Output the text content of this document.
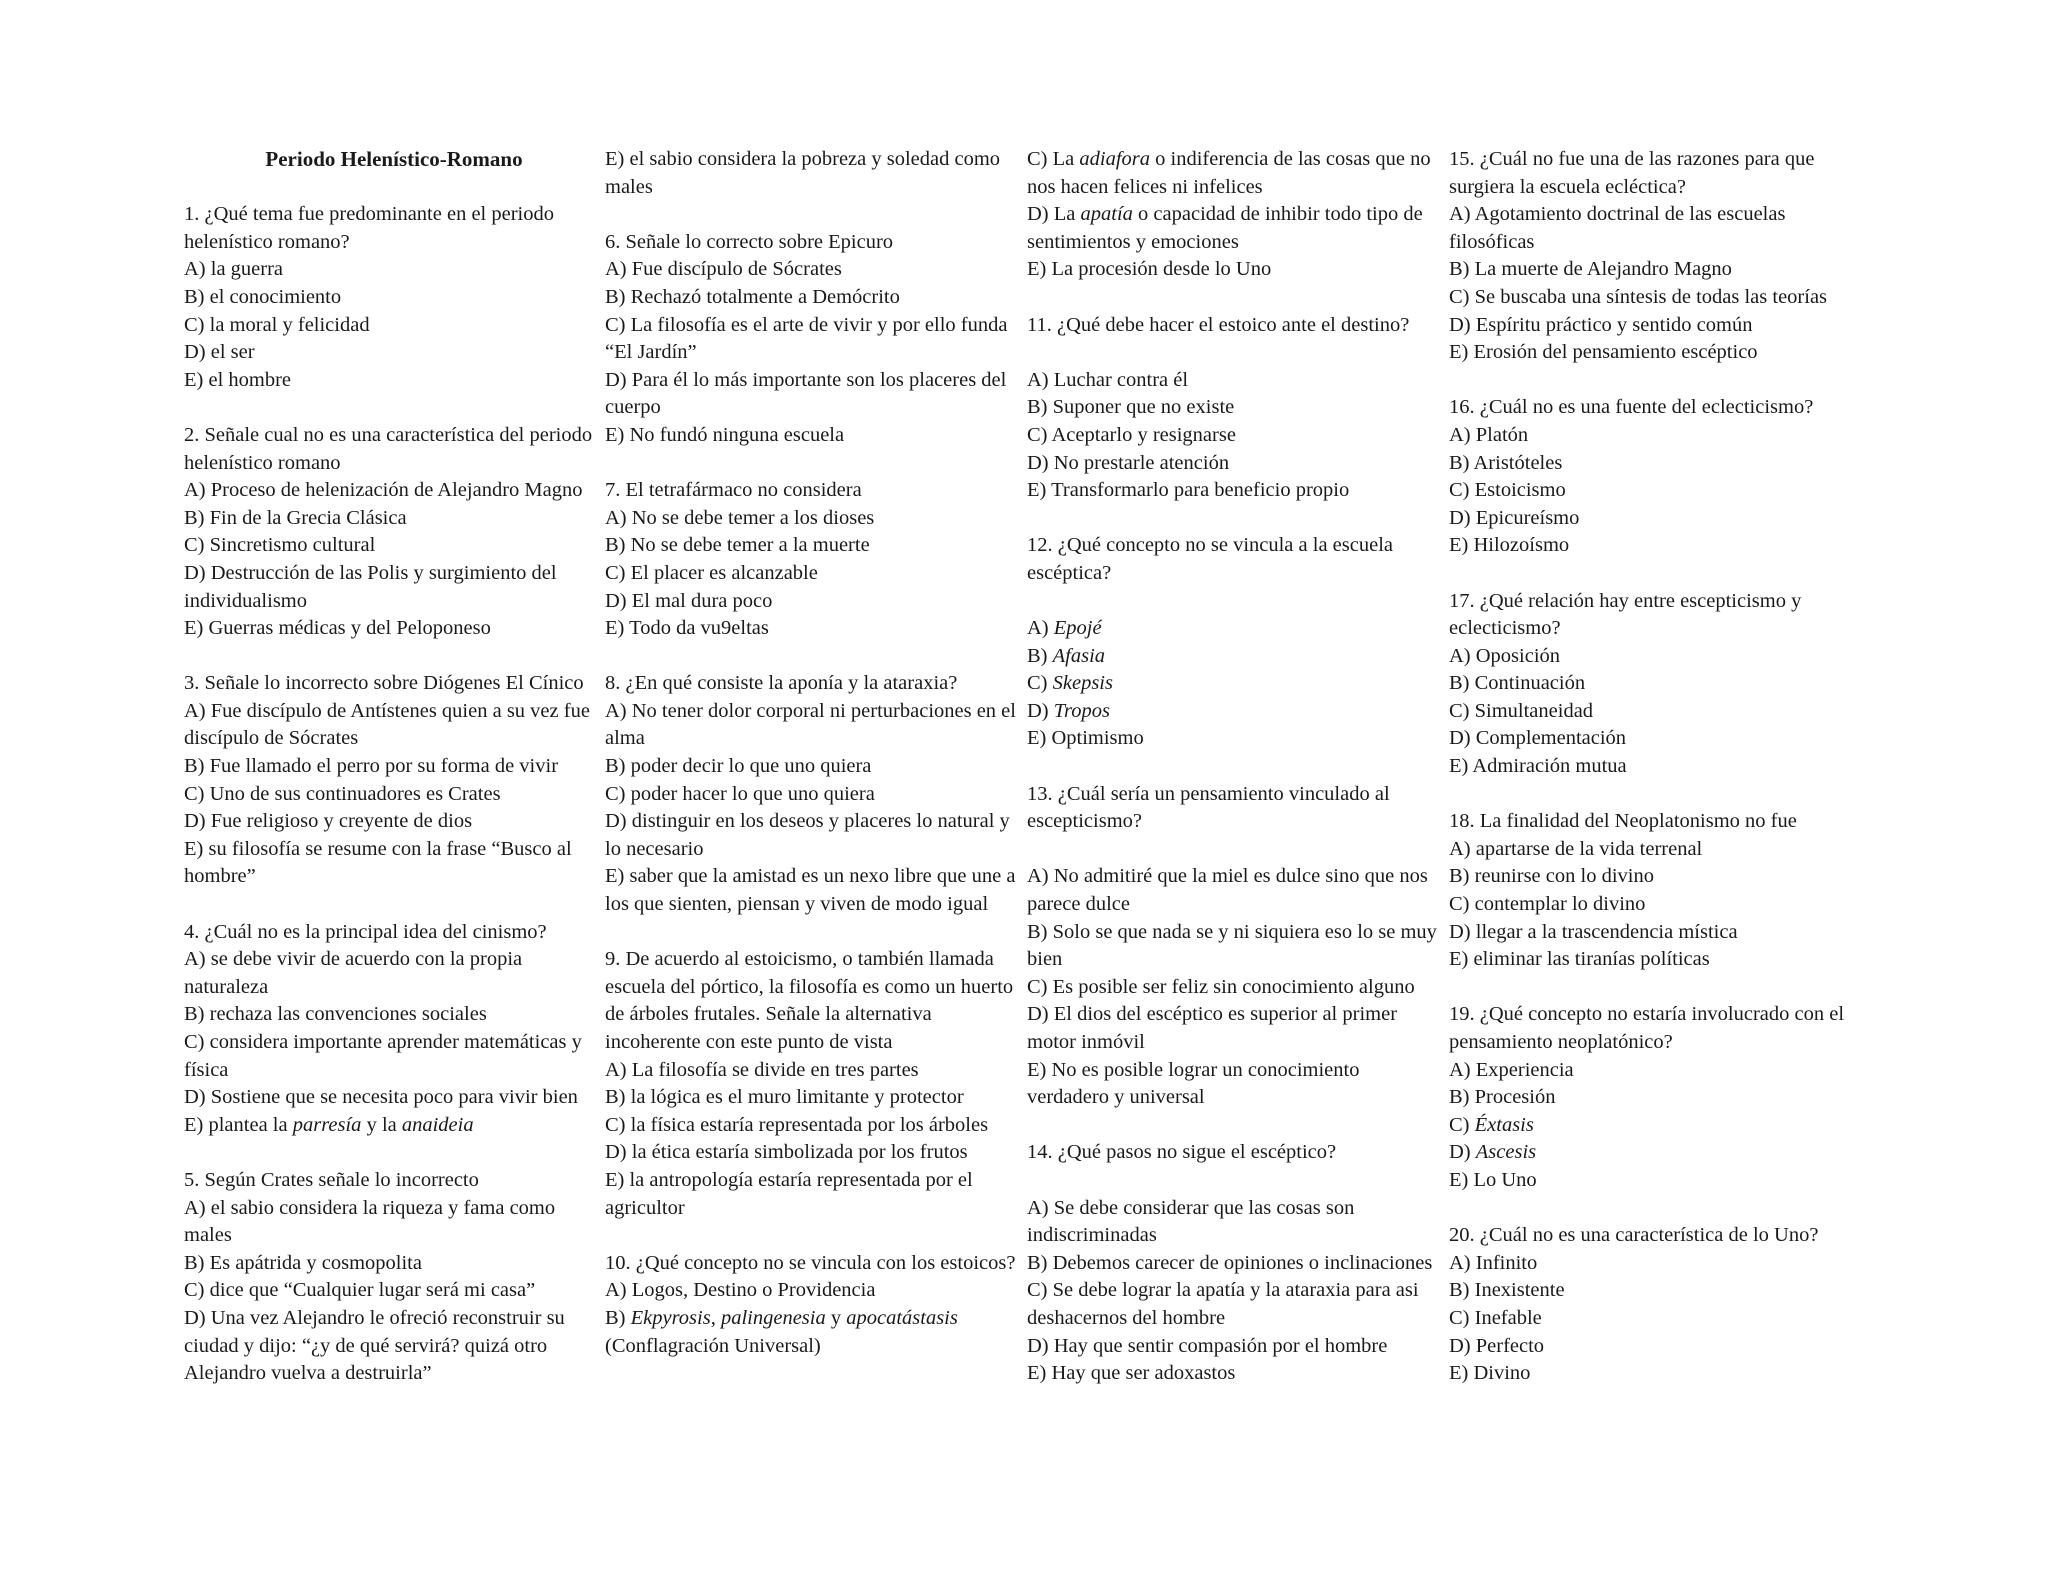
Periodo Helenístico-Romano
1. ¿Qué tema fue predominante en el periodo
helenístico romano?
A) la guerra
B) el conocimiento
C) la moral y felicidad
D) el ser
E) el hombre
2. Señale cual no es una característica del periodo
helenístico romano
A) Proceso de helenización de Alejandro Magno
B) Fin de la Grecia Clásica
C) Sincretismo cultural
D) Destrucción de las Polis y surgimiento del
individualismo
E) Guerras médicas y del Peloponeso
3. Señale lo incorrecto sobre Diógenes El Cínico
A) Fue discípulo de Antístenes quien a su vez fue
discípulo de Sócrates
B) Fue llamado el perro por su forma de vivir
C) Uno de sus continuadores es Crates
D) Fue religioso y creyente de dios
E) su filosofía se resume con la frase “Busco al
hombre”
4. ¿Cuál no es la principal idea del cinismo?
A) se debe vivir de acuerdo con la propia
naturaleza
B) rechaza las convenciones sociales
C) considera importante aprender matemáticas y
física
D) Sostiene que se necesita poco para vivir bien
E) plantea la parresía y la anaideia
5. Según Crates señale lo incorrecto
A) el sabio considera la riqueza y fama como
males
B) Es apátrida y cosmopolita
C) dice que “Cualquier lugar será mi casa”
D) Una vez Alejandro le ofreció reconstruir su
ciudad y dijo: “¿y de qué servirá? quizá otro
Alejandro vuelva a destruirla”
E) el sabio considera la pobreza y soledad como
males
6. Señale lo correcto sobre Epicuro
A) Fue discípulo de Sócrates
B) Rechazó totalmente a Demócrito
C) La filosofía es el arte de vivir y por ello funda
“El Jardín”
D) Para él lo más importante son los placeres del
cuerpo
E) No fundó ninguna escuela
7. El tetrafármaco no considera
A) No se debe temer a los dioses
B) No se debe temer a la muerte
C) El placer es alcanzable
D) El mal dura poco
E) Todo da vu9eltas
8. ¿En qué consiste la aponía y la ataraxia?
A) No tener dolor corporal ni perturbaciones en el
alma
B) poder decir lo que uno quiera
C) poder hacer lo que uno quiera
D) distinguir en los deseos y placeres lo natural y
lo necesario
E) saber que la amistad es un nexo libre que une a
los que sienten, piensan y viven de modo igual
9. De acuerdo al estoicismo, o también llamada
escuela del pórtico, la filosofía es como un huerto
de árboles frutales. Señale la alternativa
incoherente con este punto de vista
A) La filosofía se divide en tres partes
B) la lógica es el muro limitante y protector
C) la física estaría representada por los árboles
D) la ética estaría simbolizada por los frutos
E) la antropología estaría representada por el
agricultor
10. ¿Qué concepto no se vincula con los estoicos?
A) Logos, Destino o Providencia
B) Ekpyrosis, palingenesia y apocatástasis
(Conflagración Universal)
C) La adiafora o indiferencia de las cosas que no
nos hacen felices ni infelices
D) La apatía o capacidad de inhibir todo tipo de
sentimientos y emociones
E) La procesión desde lo Uno
11. ¿Qué debe hacer el estoico ante el destino?
A) Luchar contra él
B) Suponer que no existe
C) Aceptarlo y resignarse
D) No prestarle atención
E) Transformarlo para beneficio propio
12. ¿Qué concepto no se vincula a la escuela
escéptica?
A) Epojé
B) Afasia
C) Skepsis
D) Tropos
E) Optimismo
13. ¿Cuál sería un pensamiento vinculado al
escepticismo?
A) No admitiré que la miel es dulce sino que nos
parece dulce
B) Solo se que nada se y ni siquiera eso lo se muy
bien
C) Es posible ser feliz sin conocimiento alguno
D) El dios del escéptico es superior al primer
motor inmóvil
E) No es posible lograr un conocimiento
verdadero y universal
14. ¿Qué pasos no sigue el escéptico?
A) Se debe considerar que las cosas son
indiscriminadas
B) Debemos carecer de opiniones o inclinaciones
C) Se debe lograr la apatía y la ataraxia para asi
deshacernos del hombre
D) Hay que sentir compasión por el hombre
E) Hay que ser adoxastos
15. ¿Cuál no fue una de las razones para que
surgiera la escuela ecléctica?
A) Agotamiento doctrinal de las escuelas
filosóficas
B) La muerte de Alejandro Magno
C) Se buscaba una síntesis de todas las teorías
D) Espíritu práctico y sentido común
E) Erosión del pensamiento escéptico
16. ¿Cuál no es una fuente del eclecticismo?
A) Platón
B) Aristóteles
C) Estoicismo
D) Epicureísmo
E) Hilozoísmo
17. ¿Qué relación hay entre escepticismo y
eclecticismo?
A) Oposición
B) Continuación
C) Simultaneidad
D) Complementación
E) Admiración mutua
18. La finalidad del Neoplatonismo no fue
A) apartarse de la vida terrenal
B) reunirse con lo divino
C) contemplar lo divino
D) llegar a la trascendencia mística
E) eliminar las tiranías políticas
19. ¿Qué concepto no estaría involucrado con el
pensamiento neoplatónico?
A) Experiencia
B) Procesión
C) Éxtasis
D) Ascesis
E) Lo Uno
20. ¿Cuál no es una característica de lo Uno?
A) Infinito
B) Inexistente
C) Inefable
D) Perfecto
E) Divino
